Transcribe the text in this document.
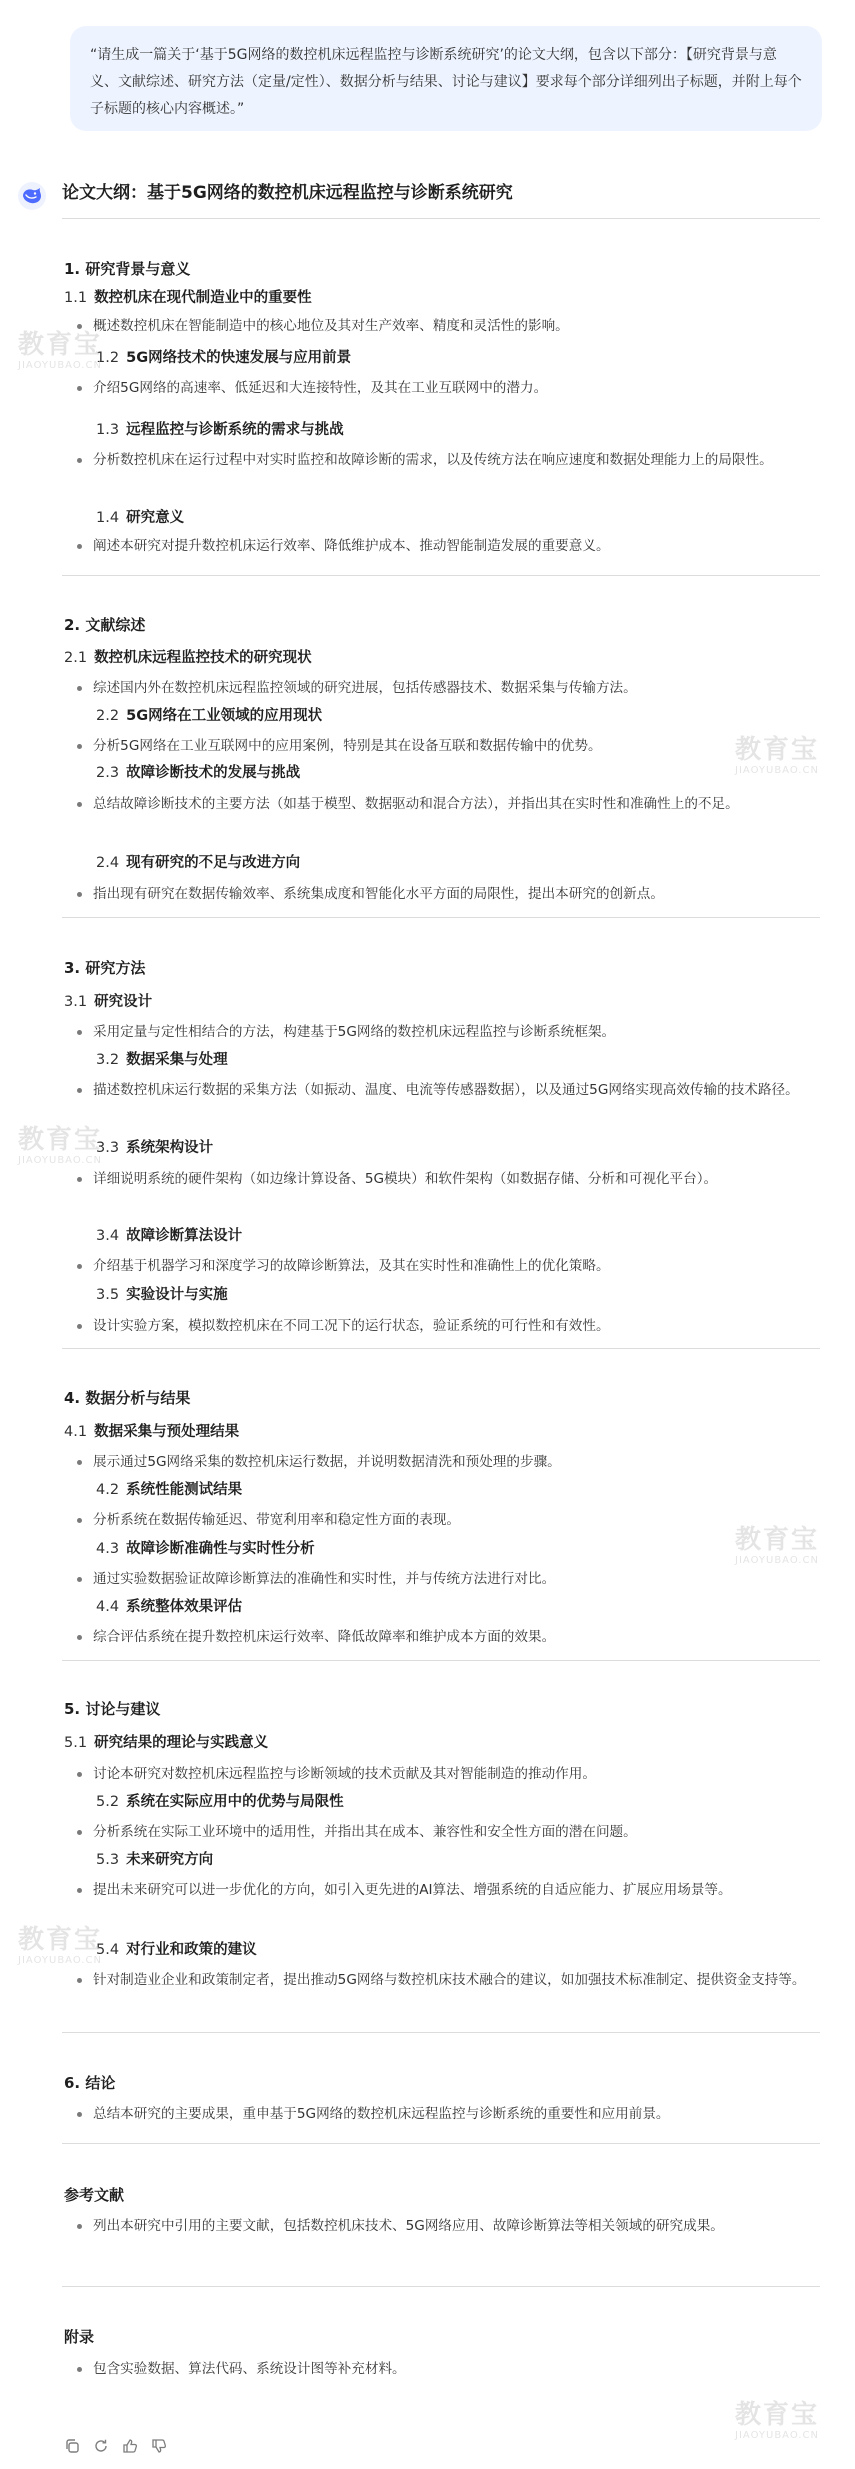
“请生成一篇关于‘基于5G网络的数控机床远程监控与诊断系统研究’的论文大纲，包含以下部分：【研究背景与意义、文献综述、研究方法（定量/定性）、数据分析与结果、讨论与建议】要求每个部分详细列出子标题，并附上每个子标题的核心内容概述。”
论文大纲：基于5G网络的数控机床远程监控与诊断系统研究
1. 研究背景与意义
1.1 数控机床在现代制造业中的重要性
概述数控机床在智能制造中的核心地位及其对生产效率、精度和灵活性的影响。
1.2 5G网络技术的快速发展与应用前景
介绍5G网络的高速率、低延迟和大连接特性，及其在工业互联网中的潜力。
1.3 远程监控与诊断系统的需求与挑战
分析数控机床在运行过程中对实时监控和故障诊断的需求，以及传统方法在响应速度和数据处理能力上的局限性。
1.4 研究意义
阐述本研究对提升数控机床运行效率、降低维护成本、推动智能制造发展的重要意义。
2. 文献综述
2.1 数控机床远程监控技术的研究现状
综述国内外在数控机床远程监控领域的研究进展，包括传感器技术、数据采集与传输方法。
2.2 5G网络在工业领域的应用现状
分析5G网络在工业互联网中的应用案例，特别是其在设备互联和数据传输中的优势。
2.3 故障诊断技术的发展与挑战
总结故障诊断技术的主要方法（如基于模型、数据驱动和混合方法），并指出其在实时性和准确性上的不足。
2.4 现有研究的不足与改进方向
指出现有研究在数据传输效率、系统集成度和智能化水平方面的局限性，提出本研究的创新点。
3. 研究方法
3.1 研究设计
采用定量与定性相结合的方法，构建基于5G网络的数控机床远程监控与诊断系统框架。
3.2 数据采集与处理
描述数控机床运行数据的采集方法（如振动、温度、电流等传感器数据），以及通过5G网络实现高效传输的技术路径。
3.3 系统架构设计
详细说明系统的硬件架构（如边缘计算设备、5G模块）和软件架构（如数据存储、分析和可视化平台）。
3.4 故障诊断算法设计
介绍基于机器学习和深度学习的故障诊断算法，及其在实时性和准确性上的优化策略。
3.5 实验设计与实施
设计实验方案，模拟数控机床在不同工况下的运行状态，验证系统的可行性和有效性。
4. 数据分析与结果
4.1 数据采集与预处理结果
展示通过5G网络采集的数控机床运行数据，并说明数据清洗和预处理的步骤。
4.2 系统性能测试结果
分析系统在数据传输延迟、带宽利用率和稳定性方面的表现。
4.3 故障诊断准确性与实时性分析
通过实验数据验证故障诊断算法的准确性和实时性，并与传统方法进行对比。
4.4 系统整体效果评估
综合评估系统在提升数控机床运行效率、降低故障率和维护成本方面的效果。
5. 讨论与建议
5.1 研究结果的理论与实践意义
讨论本研究对数控机床远程监控与诊断领域的技术贡献及其对智能制造的推动作用。
5.2 系统在实际应用中的优势与局限性
分析系统在实际工业环境中的适用性，并指出其在成本、兼容性和安全性方面的潜在问题。
5.3 未来研究方向
提出未来研究可以进一步优化的方向，如引入更先进的AI算法、增强系统的自适应能力、扩展应用场景等。
5.4 对行业和政策的建议
针对制造业企业和政策制定者，提出推动5G网络与数控机床技术融合的建议，如加强技术标准制定、提供资金支持等。
6. 结论
总结本研究的主要成果，重申基于5G网络的数控机床远程监控与诊断系统的重要性和应用前景。
参考文献
列出本研究中引用的主要文献，包括数控机床技术、5G网络应用、故障诊断算法等相关领域的研究成果。
附录
包含实验数据、算法代码、系统设计图等补充材料。
教育宝
JIAOYUBAO.CN
教育宝
JIAOYUBAO.CN
教育宝
JIAOYUBAO.CN
教育宝
JIAOYUBAO.CN
教育宝
JIAOYUBAO.CN
教育宝
JIAOYUBAO.CN
